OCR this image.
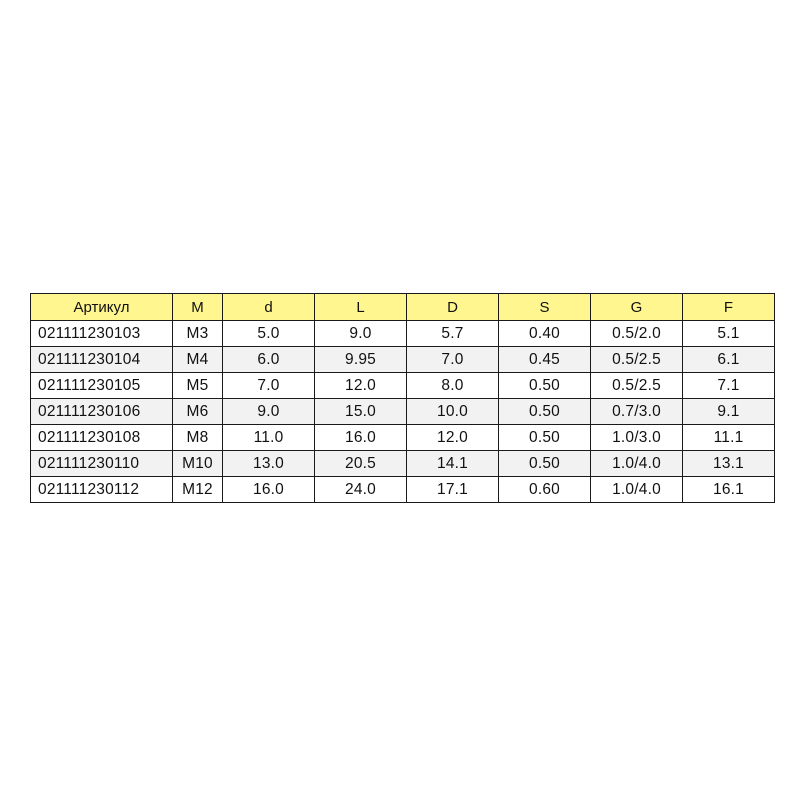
Артикул	M	d	L	D	S	G	F
021111230103	M3	5.0	9.0	5.7	0.40	0.5/2.0	5.1
021111230104	M4	6.0	9.95	7.0	0.45	0.5/2.5	6.1
021111230105	M5	7.0	12.0	8.0	0.50	0.5/2.5	7.1
021111230106	M6	9.0	15.0	10.0	0.50	0.7/3.0	9.1
021111230108	M8	11.0	16.0	12.0	0.50	1.0/3.0	11.1
021111230110	M10	13.0	20.5	14.1	0.50	1.0/4.0	13.1
021111230112	M12	16.0	24.0	17.1	0.60	1.0/4.0	16.1
